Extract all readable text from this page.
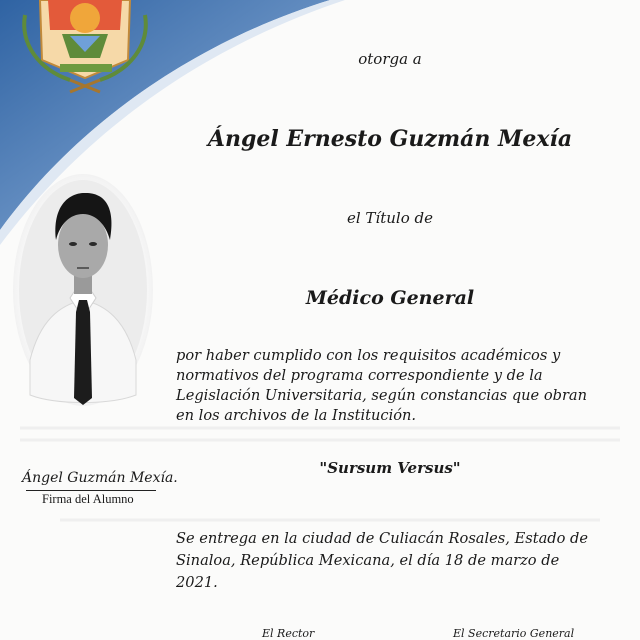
otorga a
Ángel Ernesto Guzmán Mexía
el Título de
Médico General
por haber cumplido con los requisitos académicos y normativos del programa correspondiente y de la Legislación Universitaria, según constancias que obran en los archivos de la Institución.
"Sursum Versus"
Se entrega en la ciudad de Culiacán Rosales, Estado de Sinaloa, República Mexicana, el día 18 de marzo de 2021.
Ángel Guzmán Mexía.
Firma del Alumno
El Rector	El Secretario General
